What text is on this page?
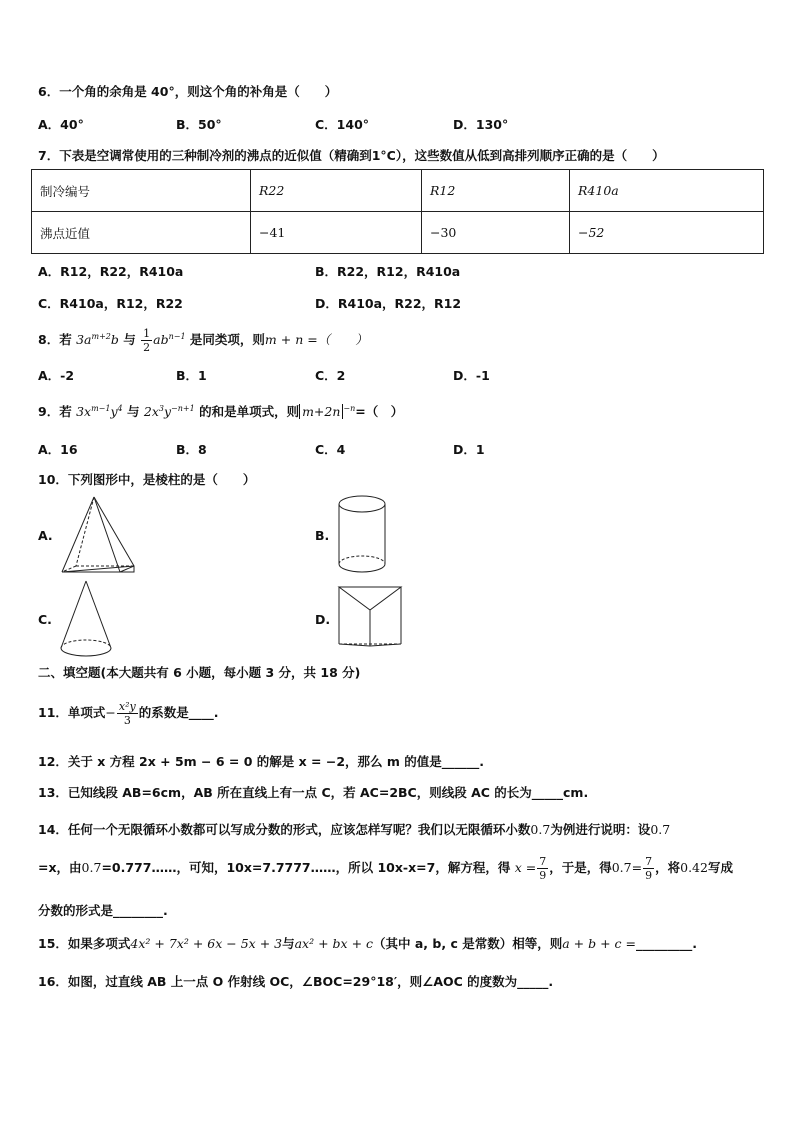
6．一个角的余角是 40°，则这个角的补角是（　　）
A．40°	B．50°	C．140°	D．130°
7．下表是空调常使用的三种制冷剂的沸点的近似值（精确到1°C），这些数值从低到高排列顺序正确的是（　　）
制冷编号	R22	R12	R410a
沸点近值	−41	−30	−52
A．R12，R22，R410a	B．R22，R12，R410a
C．R410a，R12，R22	D．R410a，R22，R12
8．若 $3a^{m+2}b$ 与 $\frac{1}{2} ab^{n-1}$ 是同类项，则m + n =（　　）
A．-2	B．1	C．2	D．-1
9．若 $3x^{m-1}y^4$ 与 $2x^3y^{-n+1}$ 的和是单项式，则 m+2n $^{-n}$=（　）
A．16	B．8	C．4	D．1
10．下列图形中，是棱柱的是（　　）
A.	B.
C.	D.
二、填空题(本大题共有 6 小题，每小题 3 分，共 18 分)
11．单项式− $\frac{\text{x²y}}{3}$ 的系数是____.
12．关于 x 方程 2x + 5m − 6 = 0 的解是 x = −2，那么 m 的值是______.
13．已知线段 AB=6cm，AB 所在直线上有一点 C，若 AC=2BC，则线段 AC 的长为_____cm.
14．任何一个无限循环小数都可以写成分数的形式，应该怎样写呢？我们以无限循环小数0.7为例进行说明：设0.7
=x，由0.7=0.777……，可知，10x=7.7777……，所以 10x-x=7，解方程，得 $x = \frac{7}{9}$ ，于是，得$0.7= \frac{7}{9}$ ，将0.42写成
分数的形式是________.
15．如果多项式4x² + 7x² + 6x − 5x + 3与ax² + bx + c（其中 a, b, c 是常数）相等，则a + b + c =_________.
16．如图，过直线 AB 上一点 O 作射线 OC，∠BOC=29°18′，则∠AOC 的度数为_____.
